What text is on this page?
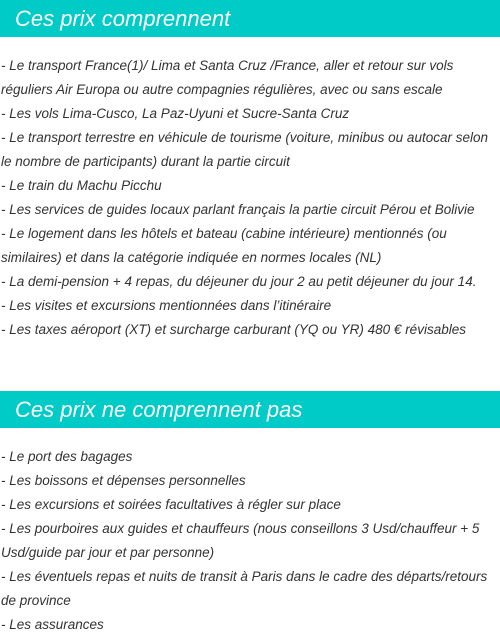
Ces prix comprennent
- Le transport France(1)/ Lima et Santa Cruz /France, aller et retour sur vols réguliers Air Europa ou autre compagnies régulières, avec ou sans escale
- Les vols Lima-Cusco, La Paz-Uyuni et Sucre-Santa Cruz
- Le transport terrestre en véhicule de tourisme (voiture, minibus ou autocar selon le nombre de participants) durant la partie circuit
- Le train du Machu Picchu
- Les services de guides locaux parlant français la partie circuit Pérou et Bolivie
- Le logement dans les hôtels et bateau (cabine intérieure) mentionnés (ou similaires) et dans la catégorie indiquée en normes locales (NL)
- La demi-pension + 4 repas, du déjeuner du jour 2 au petit déjeuner du jour 14.
- Les visites et excursions mentionnées dans l’itinéraire
- Les taxes aéroport (XT) et surcharge carburant (YQ ou YR) 480 € révisables
Ces prix ne comprennent pas
- Le port des bagages
- Les boissons et dépenses personnelles
- Les excursions et soirées facultatives à régler sur place
- Les pourboires aux guides et chauffeurs (nous conseillons 3 Usd/chauffeur + 5 Usd/guide par jour et par personne)
- Les éventuels repas et nuits de transit à Paris dans le cadre des départs/retours de province
- Les assurances
